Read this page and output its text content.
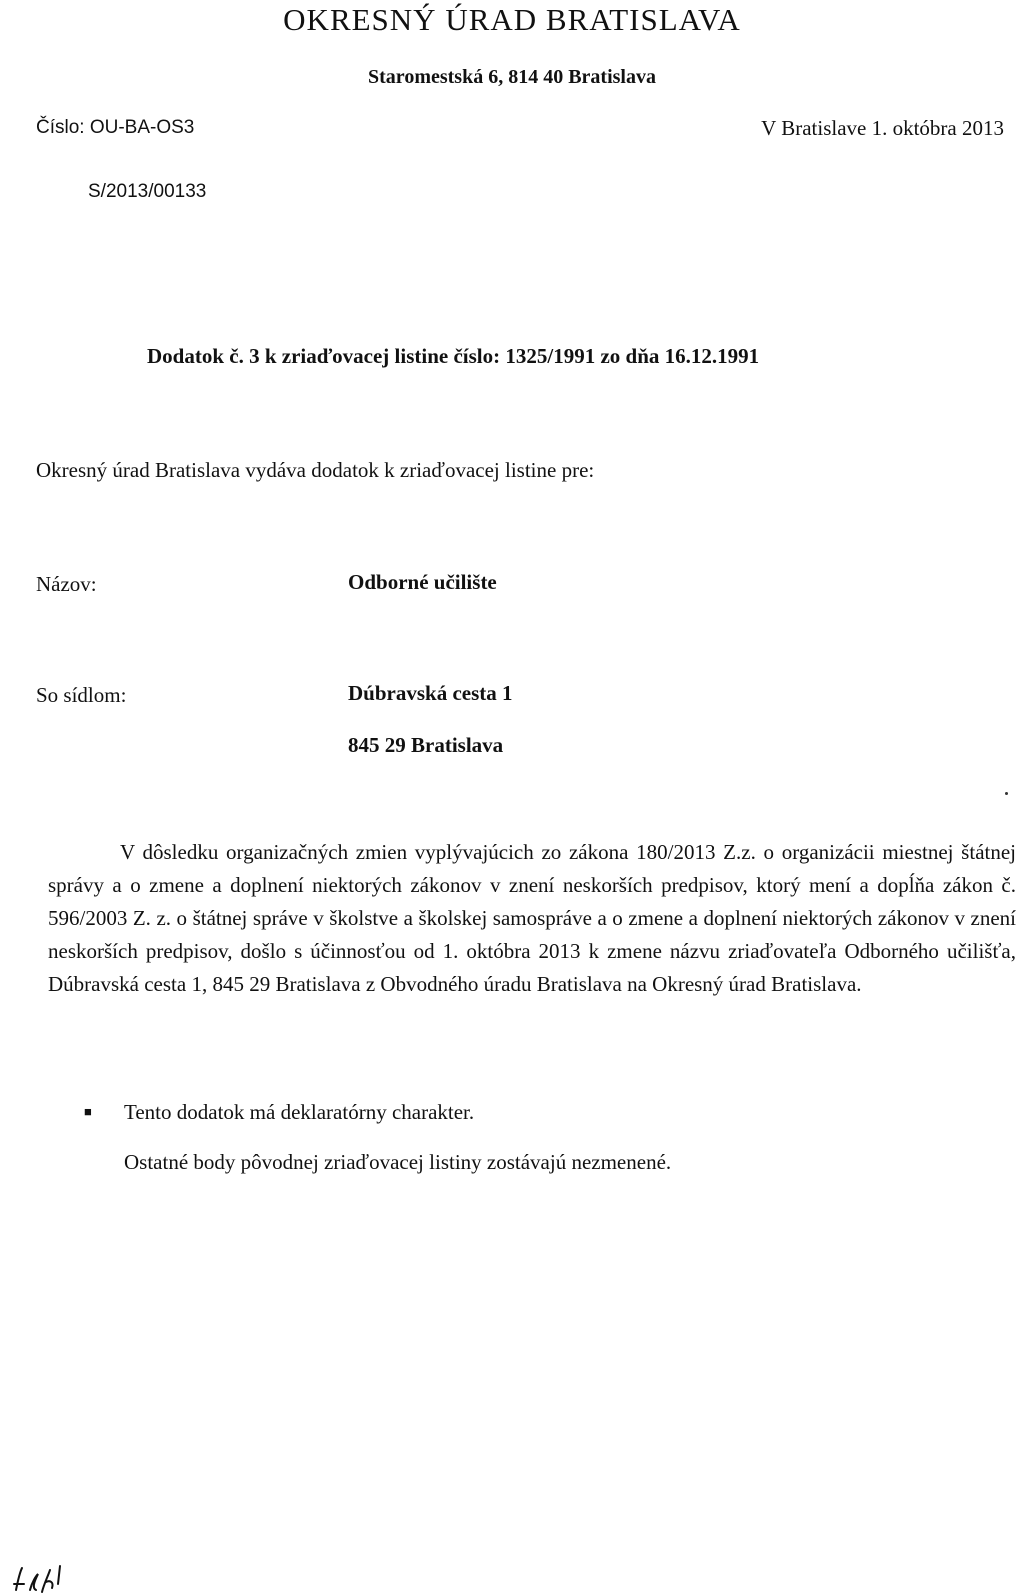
OKRESNÝ ÚRAD BRATISLAVA
Staromestská 6, 814 40 Bratislava
Číslo: OU-BA-OS3
S/2013/00133
V Bratislave 1. októbra 2013
Dodatok č. 3 k zriaďovacej listine číslo: 1325/1991 zo dňa 16.12.1991
Okresný úrad Bratislava vydáva dodatok k zriaďovacej listine pre:
Názov:	Odborné učilište
So sídlom:	Dúbravská cesta 1
845 29 Bratislava

V dôsledku organizačných zmien vyplývajúcich zo zákona 180/2013 Z.z. o organizácii miestnej štátnej správy a o zmene a doplnení niektorých zákonov v znení neskorších predpisov, ktorý mení a dopĺňa zákon č. 596/2003 Z. z. o štátnej správe v školstve a školskej samospráve a o zmene a doplnení niektorých zákonov v znení neskorších predpisov, došlo s účinnosťou od 1. októbra 2013 k zmene názvu zriaďovateľa Odborného učilišťa, Dúbravská cesta 1, 845 29 Bratislava z Obvodného úradu Bratislava na Okresný úrad Bratislava.

■ Tento dodatok má deklaratórny charakter.
Ostatné body pôvodnej zriaďovacej listiny zostávajú nezmenené.
